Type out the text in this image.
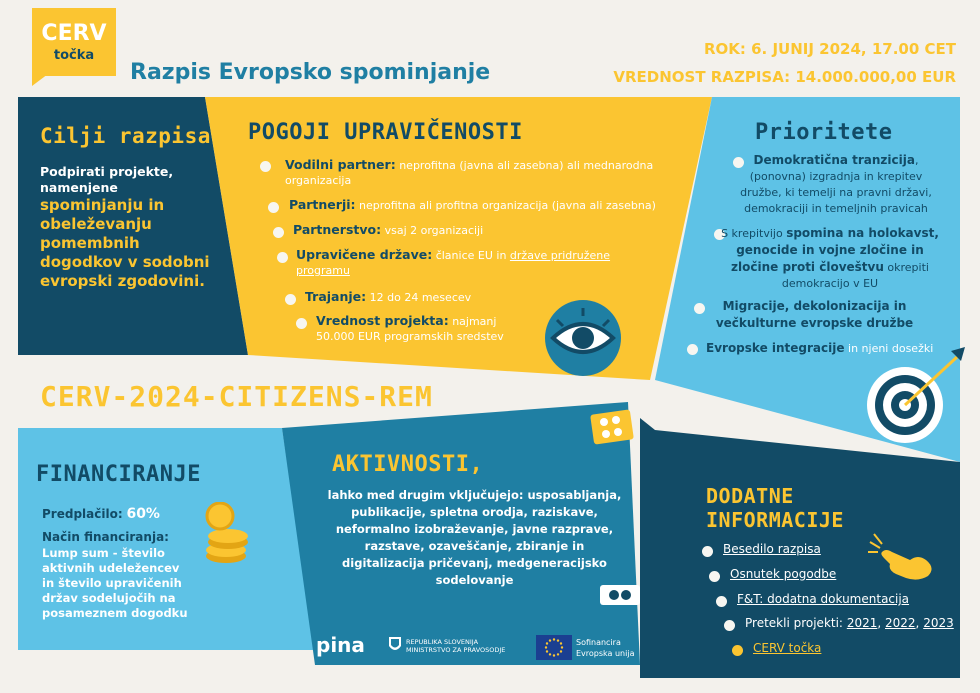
CERV
točka
Razpis Evropsko spominjanje
ROK: 6. JUNIJ 2024, 17.00 CET
VREDNOST RAZPISA: 14.000.000,00 EUR
Cilji razpisa
Podpirati projekte, namenjene
spominjanju in obeleževanju pomembnih dogodkov v sodobni evropski zgodovini.
POGOJI UPRAVIČENOSTI
Vodilni partner: neprofitna (javna ali zasebna) ali mednarodna organizacija
Partnerji: neprofitna ali profitna organizacija (javna ali zasebna)
Partnerstvo: vsaj 2 organizaciji
Upravičene države: članice EU in države pridružene programu
Trajanje: 12 do 24 mesecev
Vrednost projekta: najmanj 50.000 EUR programskih sredstev
Prioritete
Demokratična tranzicija, (ponovna) izgradnja in krepitev družbe, ki temelji na pravni državi, demokraciji in temeljnih pravicah
S krepitvijo spomina na holokavst, genocide in vojne zločine in zločine proti človeštvu okrepiti demokracijo v EU
Migracije, dekolonizacija in večkulturne evropske družbe
Evropske integracije in njeni dosežki
CERV-2024-CITIZENS-REM
FINANCIRANJE
Predplačilo: 60%
Način financiranja:
Lump sum - število aktivnih udeležencev in število upravičenih držav sodelujočih na posameznem dogodku
AKTIVNOSTI,
lahko med drugim vključujejo: usposabljanja, publikacije, spletna orodja, raziskave, neformalno izobraževanje, javne razprave, razstave, ozaveščanje, zbiranje in digitalizacija pričevanj, medgeneracijsko sodelovanje
pina	REPUBLIKA SLOVENIJA
MINISTRSTVO ZA PRAVOSODJE
Sofinancira
Evropska unija
DODATNE
INFORMACIJE
Besedilo razpisa
Osnutek pogodbe
F&T: dodatna dokumentacija
Pretekli projekti: 2021, 2022, 2023
CERV točka
